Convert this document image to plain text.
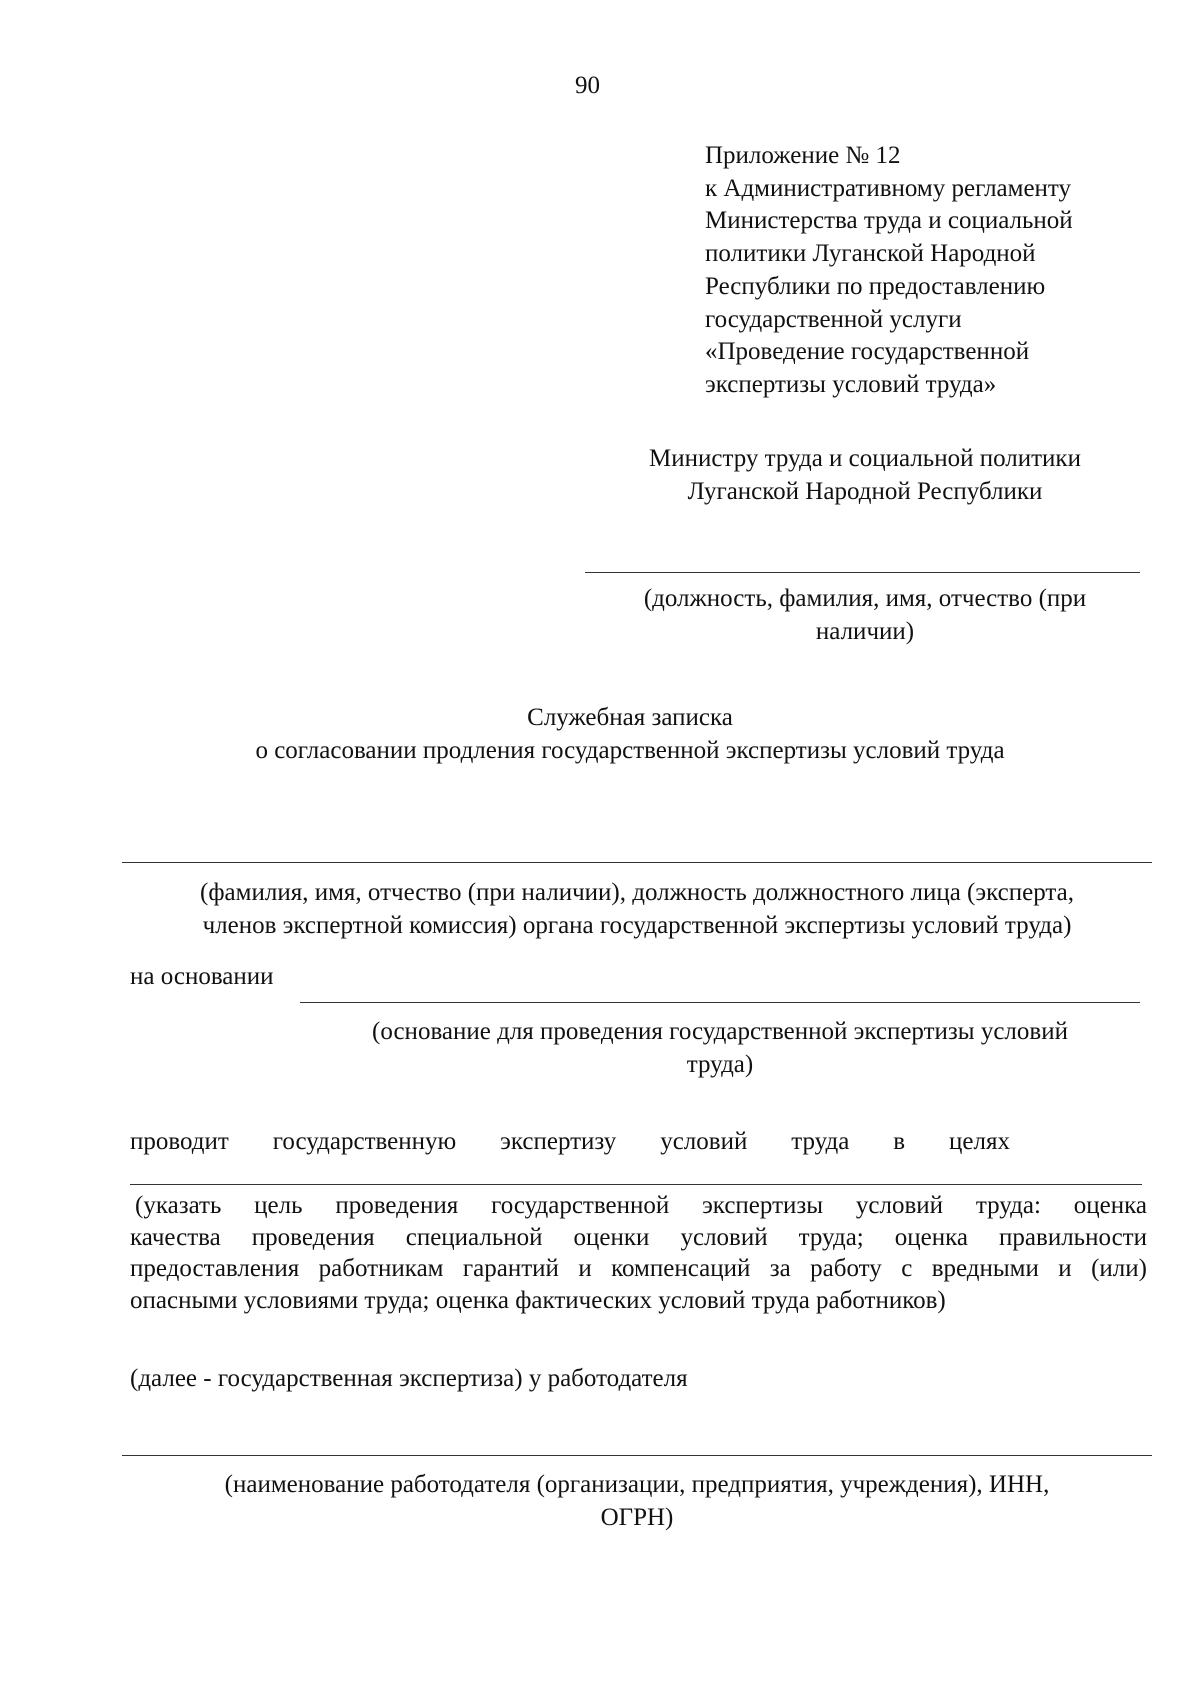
90
Приложение № 12
к Административному регламенту
Министерства труда и социальной
политики Луганской Народной
Республики по предоставлению
государственной услуги
«Проведение государственной
экспертизы условий труда»
Министру труда и социальной политики
Луганской Народной Республики
(должность, фамилия, имя, отчество (при
наличии)
Служебная записка
о согласовании продления государственной экспертизы условий труда
(фамилия, имя, отчество (при наличии), должность должностного лица (эксперта,
членов экспертной комиссия) органа государственной экспертизы условий труда)
на основании
(основание для проведения государственной экспертизы условий
труда)
проводит государственную экспертизу условий труда в целях
(указать цель проведения государственной экспертизы условий труда: оценка
качества проведения специальной оценки условий труда; оценка правильности
предоставления работникам гарантий и компенсаций за работу с вредными и (или)
опасными условиями труда; оценка фактических условий труда работников)
(далее - государственная экспертиза) у работодателя
(наименование работодателя (организации, предприятия, учреждения), ИНН,
ОГРН)
